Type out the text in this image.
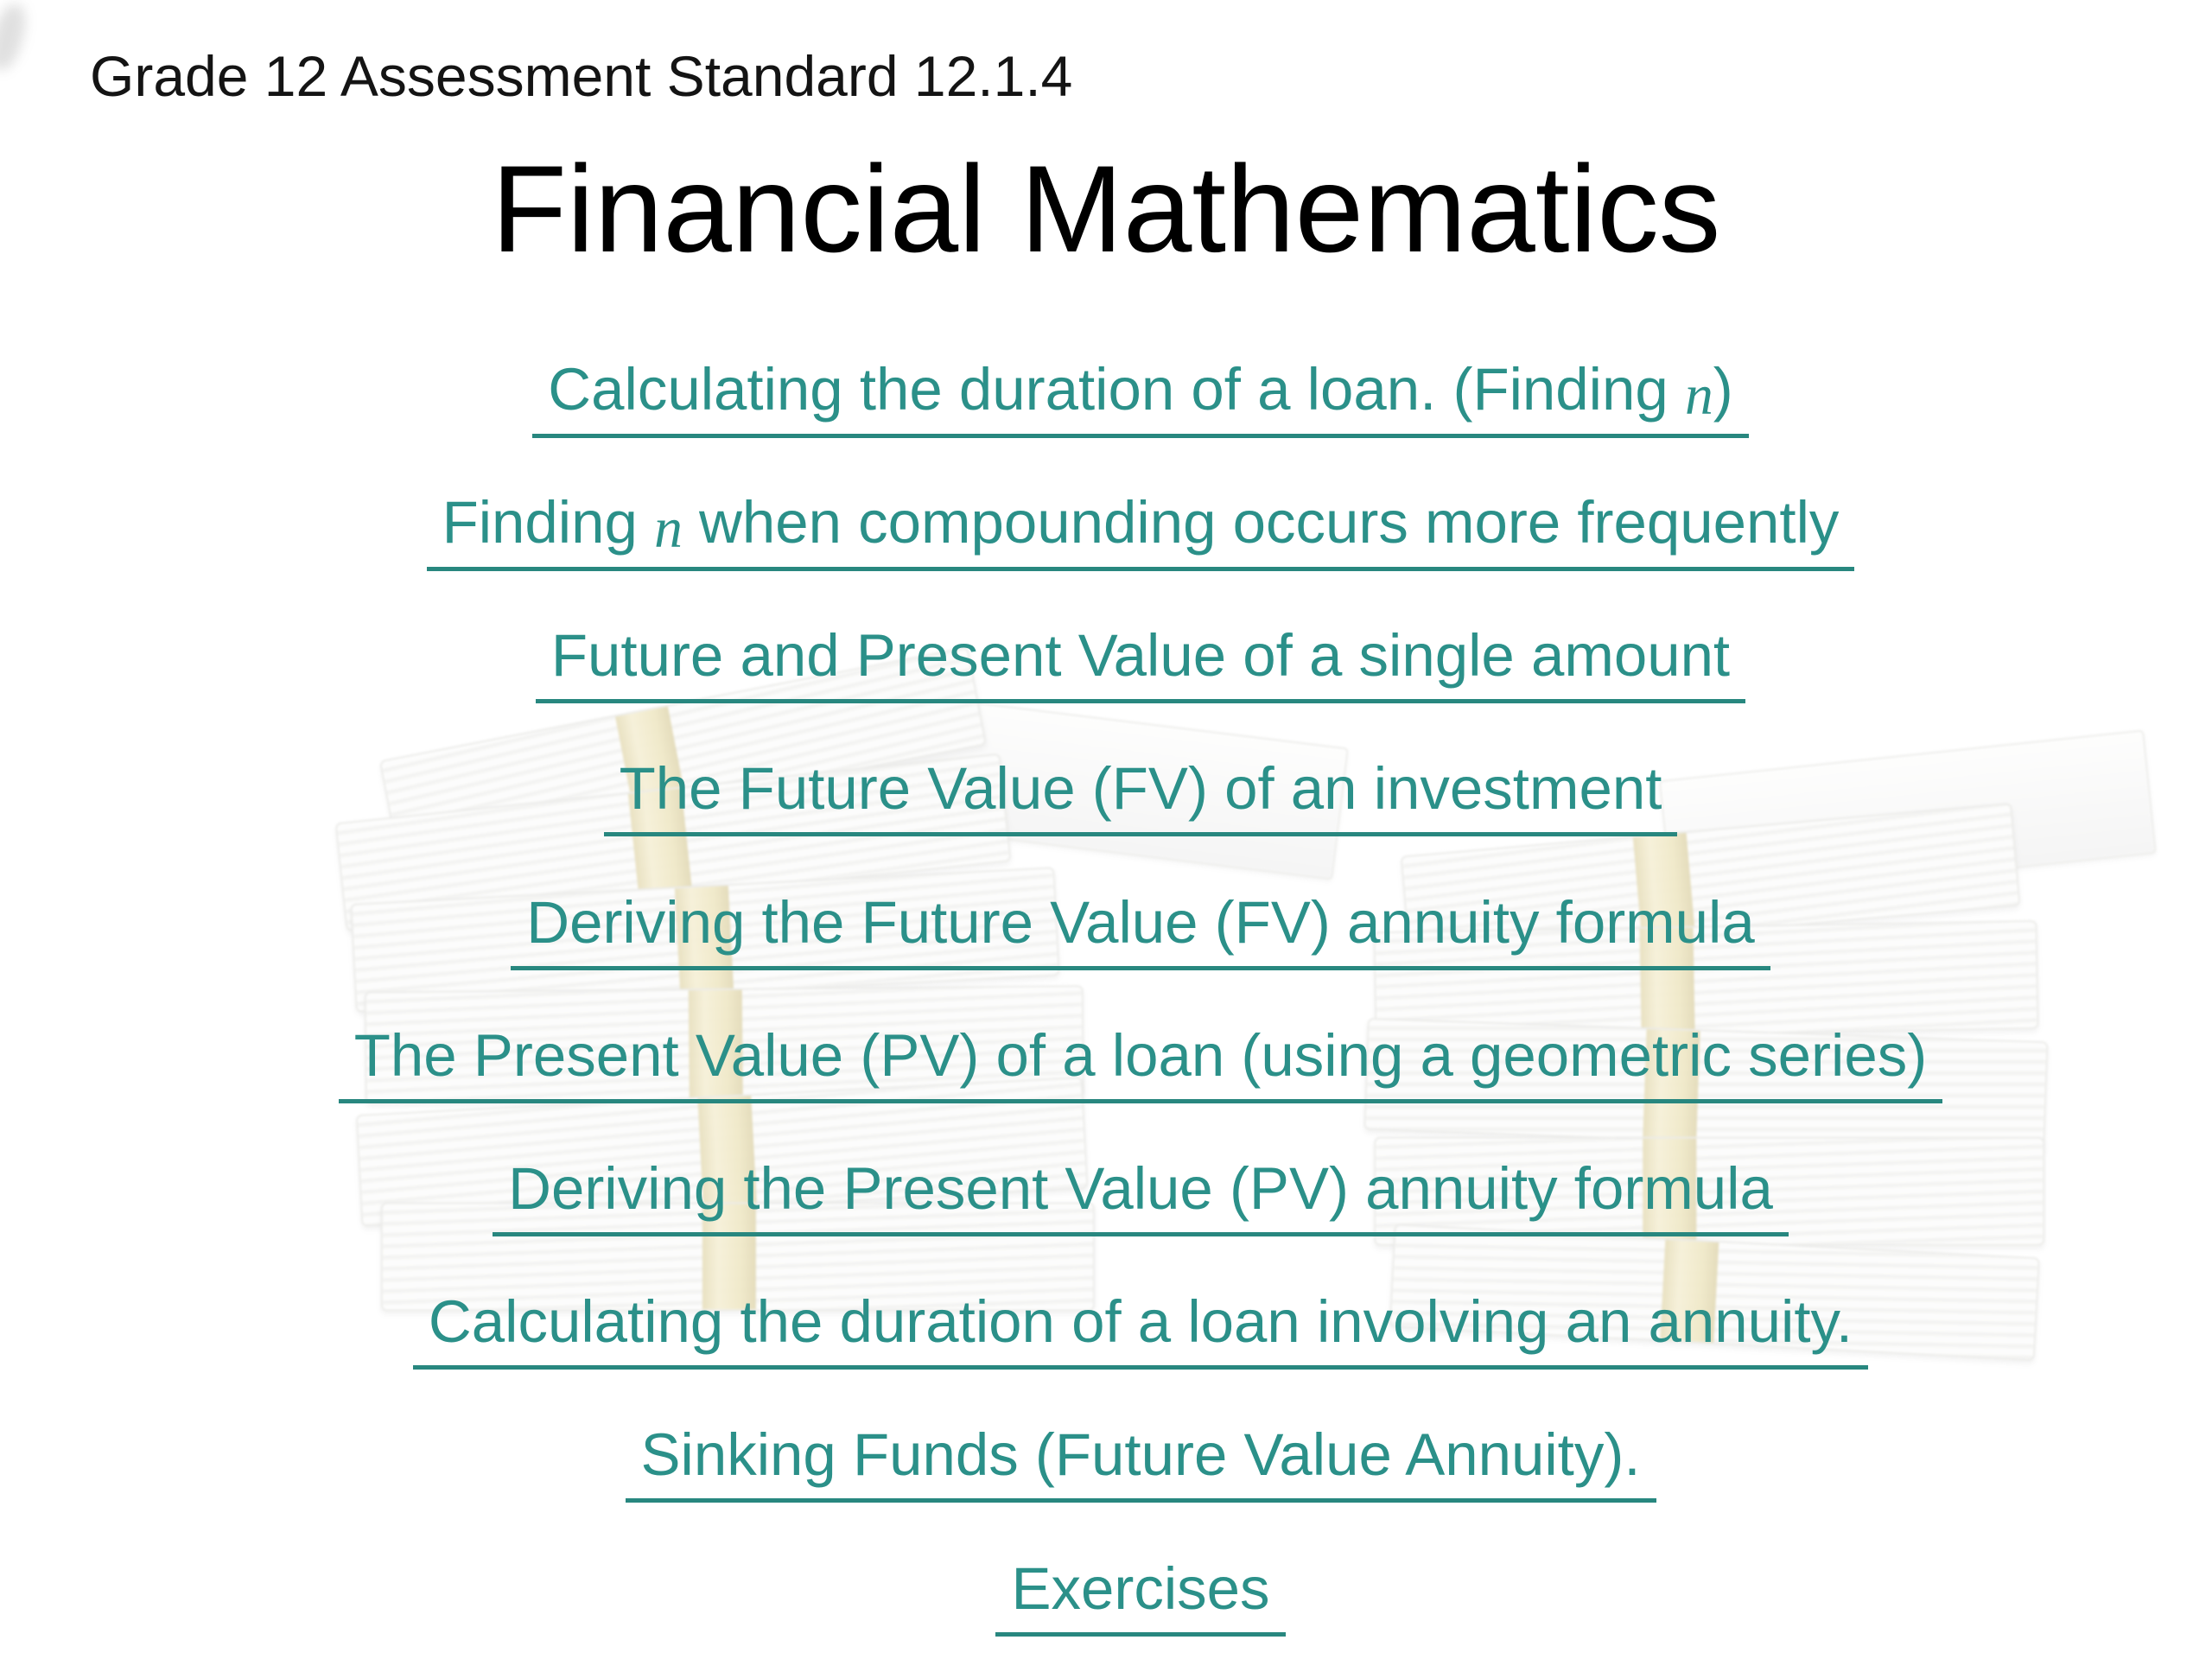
Grade 12 Assessment Standard 12.1.4
Financial Mathematics
Calculating the duration of a loan. (Finding n)
Finding n when compounding occurs more frequently
Future and Present Value of a single amount
The Future Value (FV) of an investment
Deriving the Future Value (FV) annuity formula
The Present Value (PV) of a loan (using a geometric series)
Deriving the Present Value (PV) annuity formula
Calculating the duration of a loan involving an annuity.
Sinking Funds (Future Value Annuity).
Exercises
